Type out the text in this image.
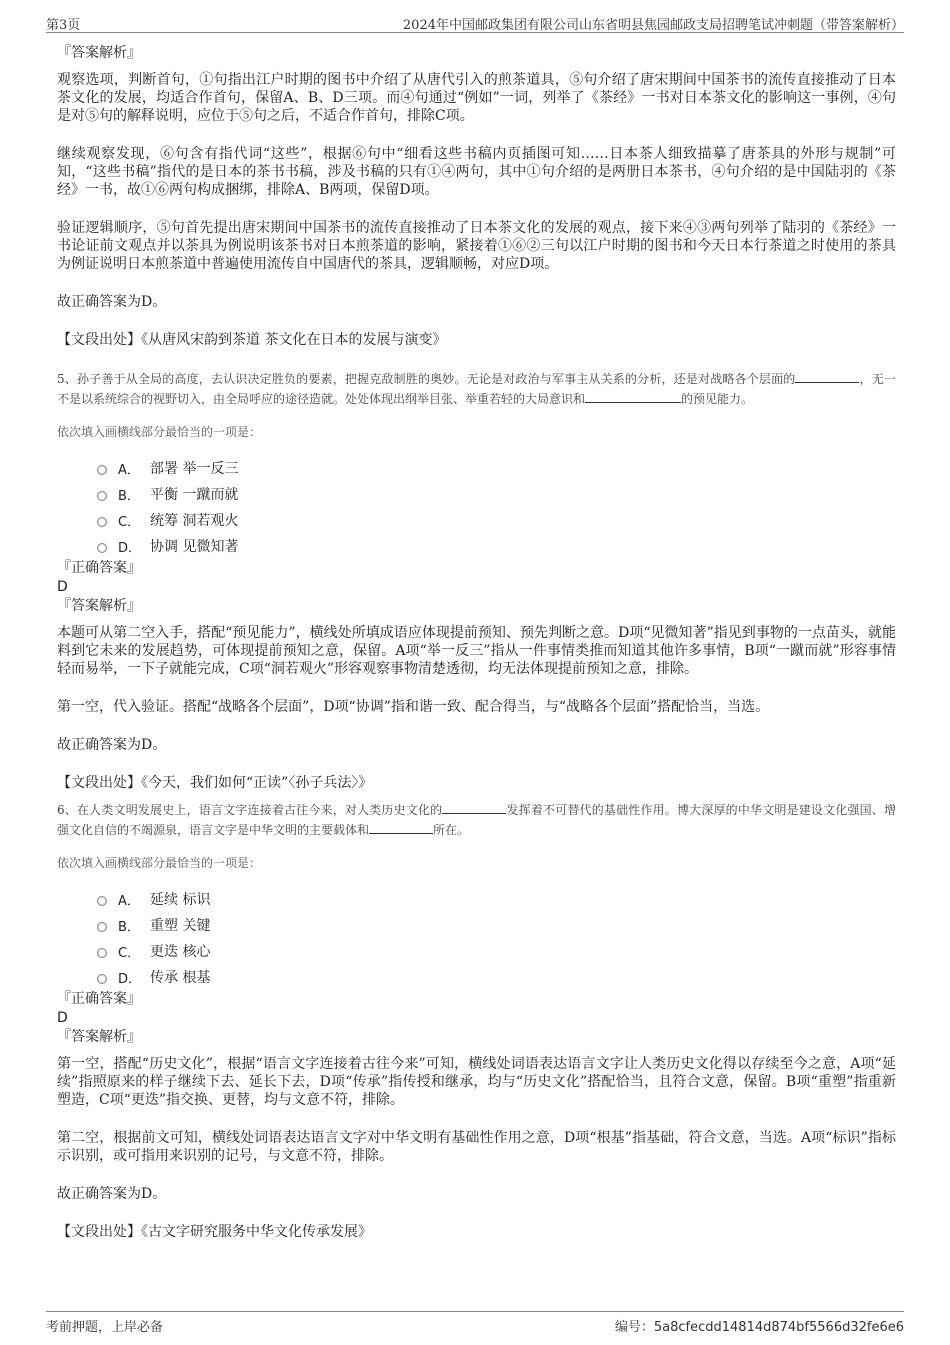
第3页	2024年中国邮政集团有限公司山东省明县焦园邮政支局招聘笔试冲刺题（带答案解析）

『答案解析』

观察选项，判断首句，①句指出江户时期的图书中介绍了从唐代引入的煎茶道具，⑤句介绍了唐宋期间中国茶书的流传直接推动了日本茶文化的发展，均适合作首句，保留A、B、D三项。而④句通过“例如”一词，列举了《茶经》一书对日本茶文化的影响这一事例，④句是对⑤句的解释说明，应位于⑤句之后，不适合作首句，排除C项。

继续观察发现，⑥句含有指代词“这些”，根据⑥句中“细看这些书稿内页插图可知……日本茶人细致描摹了唐茶具的外形与规制”可知，“这些书稿”指代的是日本的茶书书稿，涉及书稿的只有①④两句，其中①句介绍的是两册日本茶书，④句介绍的是中国陆羽的《茶经》一书，故①⑥两句构成捆绑，排除A、B两项，保留D项。

验证逻辑顺序，⑤句首先提出唐宋期间中国茶书的流传直接推动了日本茶文化的发展的观点，接下来④③两句列举了陆羽的《茶经》一书论证前文观点并以茶具为例说明该茶书对日本煎茶道的影响，紧接着①⑥②三句以江户时期的图书和今天日本行茶道之时使用的茶具为例证说明日本煎茶道中普遍使用流传自中国唐代的茶具，逻辑顺畅，对应D项。

故正确答案为D。

【文段出处】《从唐风宋韵到茶道 茶文化在日本的发展与演变》

5、孙子善于从全局的高度，去认识决定胜负的要素，把握克敌制胜的奥妙。无论是对政治与军事主从关系的分析，还是对战略各个层面的	，无一不是以系统综合的视野切入，由全局呼应的途径造就。处处体现出纲举目张、举重若轻的大局意识和	的预见能力。

依次填入画横线部分最恰当的一项是：

A． 部署 举一反三
B． 平衡 一蹴而就
C． 统筹 洞若观火
D． 协调 见微知著

『正确答案』

D

『答案解析』

本题可从第二空入手，搭配“预见能力”，横线处所填成语应体现提前预知、预先判断之意。D项“见微知著”指见到事物的一点苗头，就能料到它未来的发展趋势，可体现提前预知之意，保留。A项“举一反三”指从一件事情类推而知道其他许多事情，B项“一蹴而就”形容事情轻而易举，一下子就能完成，C项“洞若观火”形容观察事物清楚透彻，均无法体现提前预知之意，排除。

第一空，代入验证。搭配“战略各个层面”，D项“协调”指和谐一致、配合得当，与“战略各个层面”搭配恰当，当选。

故正确答案为D。

【文段出处】《今天，我们如何“正读”〈孙子兵法〉》

6、在人类文明发展史上，语言文字连接着古往今来，对人类历史文化的	发挥着不可替代的基础性作用。博大深厚的中华文明是建设文化强国、增强文化自信的不竭源泉，语言文字是中华文明的主要载体和	所在。

依次填入画横线部分最恰当的一项是：

A． 延续 标识
B． 重塑 关键
C． 更迭 核心
D． 传承 根基

『正确答案』

D

『答案解析』

第一空，搭配“历史文化”，根据“语言文字连接着古往今来”可知，横线处词语表达语言文字让人类历史文化得以存续至今之意，A项“延续”指照原来的样子继续下去、延长下去，D项“传承”指传授和继承，均与“历史文化”搭配恰当，且符合文意，保留。B项“重塑”指重新塑造，C项“更迭”指交换、更替，均与文意不符，排除。

第二空，根据前文可知，横线处词语表达语言文字对中华文明有基础性作用之意，D项“根基”指基础，符合文意，当选。A项“标识”指标示识别，或可指用来识别的记号，与文意不符，排除。

故正确答案为D。

【文段出处】《古文字研究服务中华文化传承发展》

考前押题，上岸必备	编号：5a8cfecdd14814d874bf5566d32fe6e6
